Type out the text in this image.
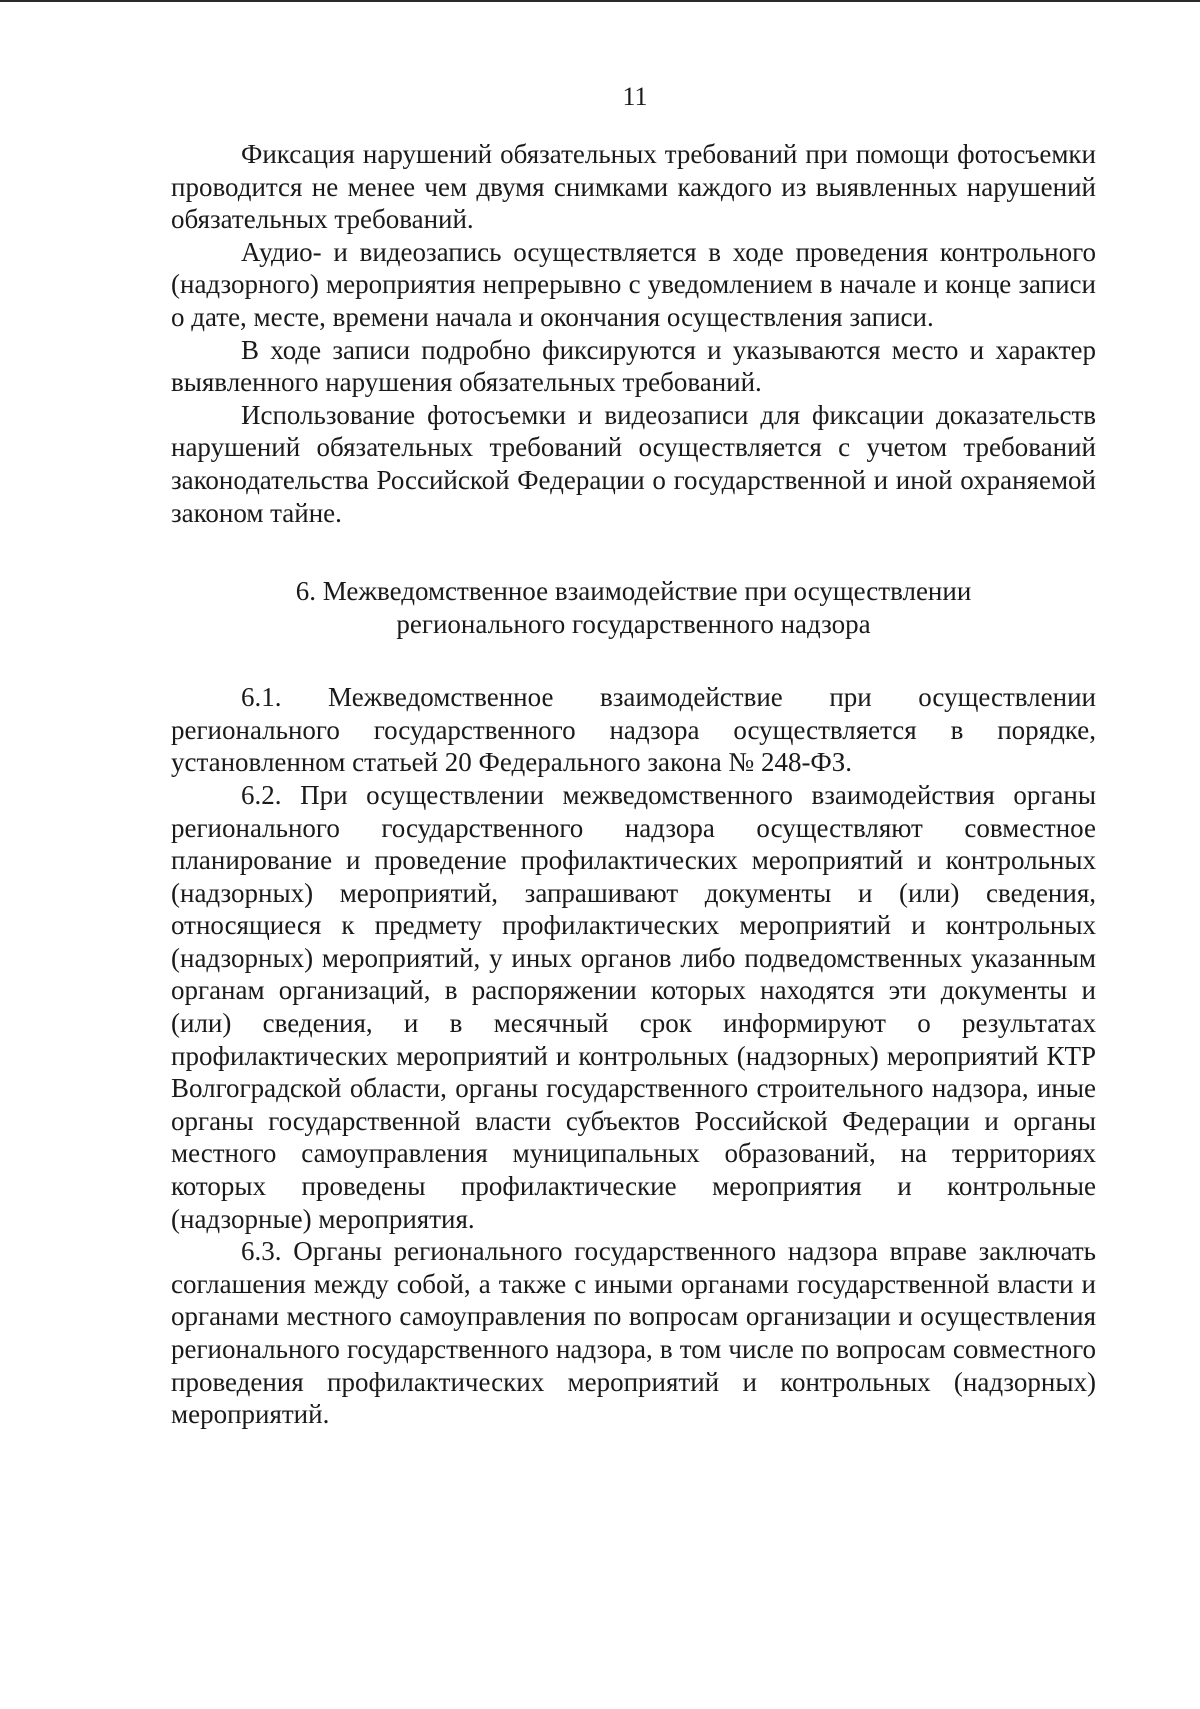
11

Фиксация нарушений обязательных требований при помощи фотосъемки проводится не менее чем двумя снимками каждого из выявленных нарушений обязательных требований.

Аудио- и видеозапись осуществляется в ходе проведения контрольного (надзорного) мероприятия непрерывно с уведомлением в начале и конце записи о дате, месте, времени начала и окончания осуществления записи.

В ходе записи подробно фиксируются и указываются место и характер выявленного нарушения обязательных требований.

Использование фотосъемки и видеозаписи для фиксации доказательств нарушений обязательных требований осуществляется с учетом требований законодательства Российской Федерации о государственной и иной охраняемой законом тайне.

6. Межведомственное взаимодействие при осуществлении
регионального государственного надзора

6.1. Межведомственное взаимодействие при осуществлении регионального государственного надзора осуществляется в порядке, установленном статьей 20 Федерального закона № 248-ФЗ.

6.2. При осуществлении межведомственного взаимодействия органы регионального государственного надзора осуществляют совместное планирование и проведение профилактических мероприятий и контрольных (надзорных) мероприятий, запрашивают документы и (или) сведения, относящиеся к предмету профилактических мероприятий и контрольных (надзорных) мероприятий, у иных органов либо подведомственных указанным органам организаций, в распоряжении которых находятся эти документы и (или) сведения, и в месячный срок информируют о результатах профилактических мероприятий и контрольных (надзорных) мероприятий КТР Волгоградской области, органы государственного строительного надзора, иные органы государственной власти субъектов Российской Федерации и органы местного самоуправления муниципальных образований, на территориях которых проведены профилактические мероприятия и контрольные (надзорные) мероприятия.

6.3. Органы регионального государственного надзора вправе заключать соглашения между собой, а также с иными органами государственной власти и органами местного самоуправления по вопросам организации и осуществления регионального государственного надзора, в том числе по вопросам совместного проведения профилактических мероприятий и контрольных (надзорных) мероприятий.
